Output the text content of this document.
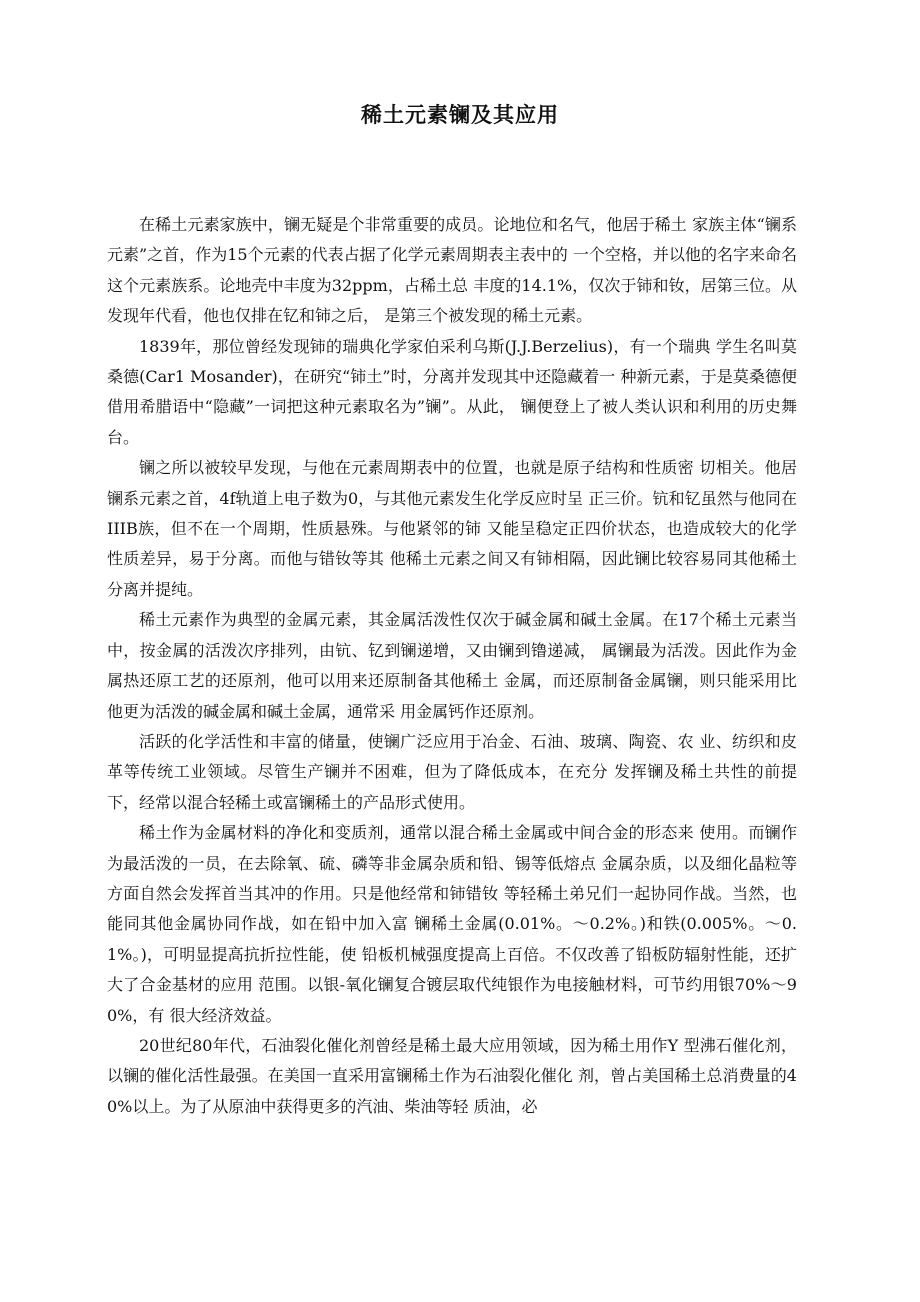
稀土元素镧及其应用

在稀土元素家族中，镧无疑是个非常重要的成员。论地位和名气，他居于稀土 家族主体“镧系元素”之首，作为15个元素的代表占据了化学元素周期表主表中的 一个空格，并以他的名字来命名这个元素族系。论地壳中丰度为32ppm，占稀土总 丰度的14.1%，仅次于铈和钕，居第三位。从发现年代看，他也仅排在钇和铈之后， 是第三个被发现的稀土元素。

1839年，那位曾经发现铈的瑞典化学家伯采利乌斯(J.J.Berzelius)，有一个瑞典 学生名叫莫桑德(Car1 Mosander)，在研究“铈土”时，分离并发现其中还隐藏着一 种新元素，于是莫桑德便借用希腊语中“隐藏”一词把这种元素取名为”镧”。从此， 镧便登上了被人类认识和利用的历史舞台。

镧之所以被较早发现，与他在元素周期表中的位置，也就是原子结构和性质密 切相关。他居镧系元素之首，4f轨道上电子数为0，与其他元素发生化学反应时呈 正三价。钪和钇虽然与他同在IIIB族，但不在一个周期，性质悬殊。与他紧邻的铈 又能呈稳定正四价状态，也造成较大的化学性质差异，易于分离。而他与错钕等其 他稀土元素之间又有铈相隔，因此镧比较容易同其他稀土分离并提纯。

稀土元素作为典型的金属元素，其金属活泼性仅次于碱金属和碱土金属。在17个稀土元素当中，按金属的活泼次序排列，由钪、钇到镧递增，又由镧到镥递减， 属镧最为活泼。因此作为金属热还原工艺的还原剂，他可以用来还原制备其他稀土 金属，而还原制备金属镧，则只能采用比他更为活泼的碱金属和碱土金属，通常采 用金属钙作还原剂。

活跃的化学活性和丰富的储量，使镧广泛应用于冶金、石油、玻璃、陶瓷、农 业、纺织和皮革等传统工业领域。尽管生产镧并不困难，但为了降低成本，在充分 发挥镧及稀土共性的前提下，经常以混合轻稀土或富镧稀土的产品形式使用。

稀土作为金属材料的净化和变质剂，通常以混合稀土金属或中间合金的形态来 使用。而镧作为最活泼的一员，在去除氧、硫、磷等非金属杂质和铅、锡等低熔点 金属杂质，以及细化晶粒等方面自然会发挥首当其冲的作用。只是他经常和铈错钕 等轻稀土弟兄们一起协同作战。当然，也能同其他金属协同作战，如在铅中加入富 镧稀土金属(0.01%。〜0.2%。)和铁(0.005%。〜0.1%。)，可明显提高抗折拉性能，使 铅板机械强度提高上百倍。不仅改善了铅板防辐射性能，还扩大了合金基材的应用 范围。以银-氧化镧复合镀层取代纯银作为电接触材料，可节约用银70%〜90%，有 很大经济效益。

20世纪80年代，石油裂化催化剂曾经是稀土最大应用领域，因为稀土用作Y 型沸石催化剂，以镧的催化活性最强。在美国一直采用富镧稀土作为石油裂化催化 剂，曾占美国稀土总消费量的40%以上。为了从原油中获得更多的汽油、柴油等轻 质油，必
